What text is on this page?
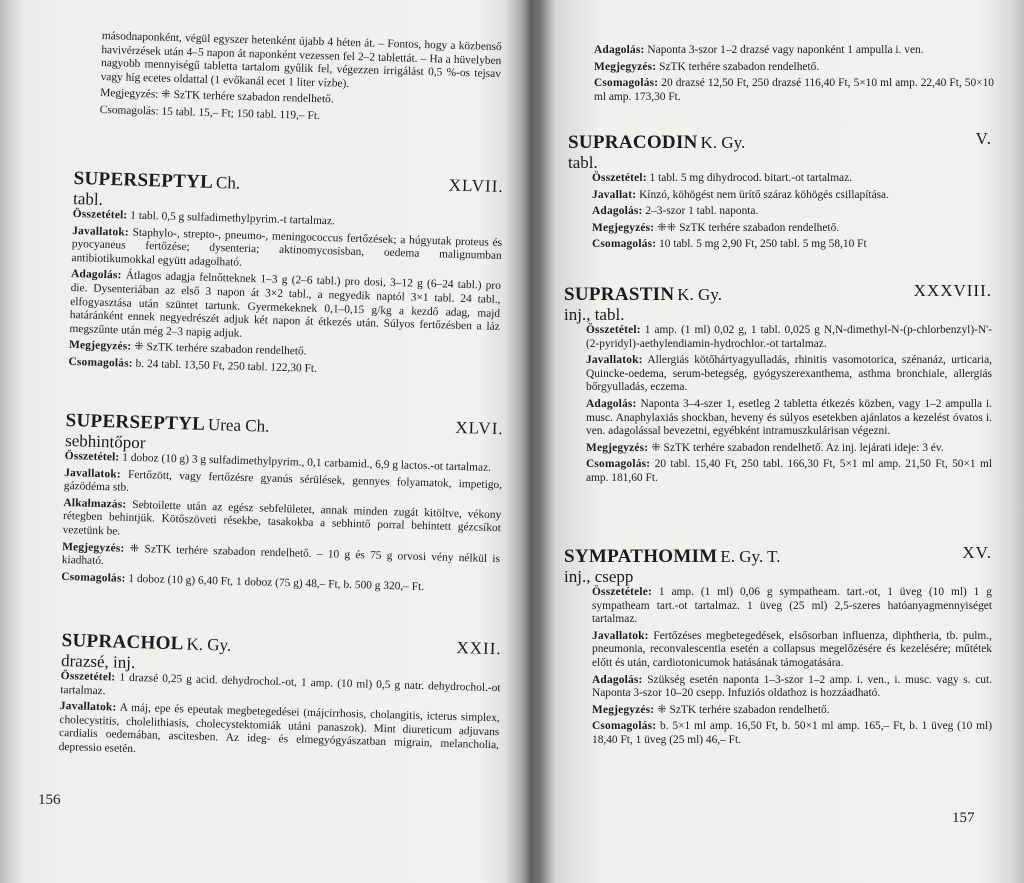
másodnaponként, végül egyszer hetenként újabb 4 héten át. – Fontos, hogy a közbenső havivérzések után 4–5 napon át naponként vezessen fel 2–2 tablettát. – Ha a hüvelyben nagyobb mennyiségű tabletta tartalom gyűlik fel, végezzen irrigálást 0,5 %-os tejsav vagy híg ecetes oldattal (1 evőkanál ecet 1 liter vízbe).

Megjegyzés: ⁜ SzTK terhére szabadon rendelhető.

Csomagolás: 15 tabl. 15,– Ft; 150 tabl. 119,– Ft.

SUPERSEPTYL Ch.	XLVII.

tabl.

Összetétel: 1 tabl. 0,5 g sulfadimethylpyrim.-t tartalmaz.

Javallatok: Staphylo-, strepto-, pneumo-, meningococcus fertőzések; a húgyutak proteus és pyocyaneus fertőzése; dysenteria; aktinomycosisban, oedema malignumban antibiotikumokkal együtt adagolható.

Adagolás: Átlagos adagja felnőtteknek 1–3 g (2–6 tabl.) pro dosi, 3–12 g (6–24 tabl.) pro die. Dysenteriában az első 3 napon át 3×2 tabl., a negyedik naptól 3×1 tabl. 24 tabl., elfogyasztása után szüntet tartunk. Gyermekeknek 0,1–0,15 g/kg a kezdő adag, majd határánként ennek negyedrészét adjuk két napon át étkezés után. Súlyos fertőzésben a láz megszűnte után még 2–3 napig adjuk.

Megjegyzés: ⁜ SzTK terhére szabadon rendelhető.

Csomagolás: b. 24 tabl. 13,50 Ft, 250 tabl. 122,30 Ft.

SUPERSEPTYL Urea Ch.	XLVI.

sebhintőpor

Összetétel: 1 doboz (10 g) 3 g sulfadimethylpyrim., 0,1 carbamid., 6,9 g lactos.-ot tartalmaz.

Javallatok: Fertőzött, vagy fertőzésre gyanús sérülések, gennyes folyamatok, impetigo, gázödéma stb.

Alkalmazás: Sebtoilette után az egész sebfelületet, annak minden zugát kitöltve, vékony rétegben behintjük. Kötőszöveti résekbe, tasakokba a sebhintő porral behintett gézcsíkot vezetünk be.

Megjegyzés: ⁜ SzTK terhére szabadon rendelhető. – 10 g és 75 g orvosi vény nélkül is kiadható.

Csomagolás: 1 doboz (10 g) 6,40 Ft, 1 doboz (75 g) 48,– Ft, b. 500 g 320,– Ft.

SUPRACHOL K. Gy.	XXII.

drazsé, inj.

Összetétel: 1 drazsé 0,25 g acid. dehydrochol.-ot, 1 amp. (10 ml) 0,5 g natr. dehydrochol.-ot tartalmaz.

Javallatok: A máj, epe és epeutak megbetegedései (májcirrhosis, cholangitis, icterus simplex, cholecystitis, cholelithiasis, cholecystektomiák utáni panaszok). Mint diureticum adjuvans cardialis oedemában, ascitesben. Az ideg- és elmegyógyászatban migrain, melancholia, depressio esetén.

156

Adagolás: Naponta 3-szor 1–2 drazsé vagy naponként 1 ampulla i. ven.

Megjegyzés: SzTK terhére szabadon rendelhető.

Csomagolás: 20 drazsé 12,50 Ft, 250 drazsé 116,40 Ft, 5×10 ml amp. 22,40 Ft, 50×10 ml amp. 173,30 Ft.

SUPRACODIN K. Gy.	V.

tabl.

Összetétel: 1 tabl. 5 mg dihydrocod. bitart.-ot tartalmaz.

Javallat: Kínzó, köhögést nem ürítő száraz köhögés csillapítása.

Adagolás: 2–3-szor 1 tabl. naponta.

Megjegyzés: ⁜⁜ SzTK terhére szabadon rendelhető.

Csomagolás: 10 tabl. 5 mg 2,90 Ft, 250 tabl. 5 mg 58,10 Ft

SUPRASTIN K. Gy.	XXXVIII.

inj., tabl.

Összetétel: 1 amp. (1 ml) 0,02 g, 1 tabl. 0,025 g N,N-dimethyl-N-(p-chlorbenzyl)-N'-(2-pyridyl)-aethylendiamin-hydrochlor.-ot tartalmaz.

Javallatok: Allergiás kötőhártyagyulladás, rhinitis vasomotorica, szénanáz, urticaria, Quincke-oedema, serum-betegség, gyógyszerexanthema, asthma bronchiale, allergiás bőrgyulladás, eczema.

Adagolás: Naponta 3–4-szer 1, esetleg 2 tabletta étkezés közben, vagy 1–2 ampulla i. musc. Anaphylaxiás shockban, heveny és súlyos esetekben ajánlatos a kezelést óvatos i. ven. adagolással bevezetni, egyébként intramuszkulárisan végezni.

Megjegyzés: ⁜ SzTK terhére szabadon rendelhető. Az inj. lejárati ideje: 3 év.

Csomagolás: 20 tabl. 15,40 Ft, 250 tabl. 166,30 Ft, 5×1 ml amp. 21,50 Ft, 50×1 ml amp. 181,60 Ft.

SYMPATHOMIM E. Gy. T.	XV.

inj., csepp

Összetétele: 1 amp. (1 ml) 0,06 g sympatheam. tart.-ot, 1 üveg (10 ml) 1 g sympatheam tart.-ot tartalmaz. 1 üveg (25 ml) 2,5-szeres hatóanyagmennyiséget tartalmaz.

Javallatok: Fertőzéses megbetegedések, elsősorban influenza, diphtheria, tb. pulm., pneumonia, reconvalescentia esetén a collapsus megelőzésére és kezelésére; műtétek előtt és után, cardiotonicumok hatásának támogatására.

Adagolás: Szükség esetén naponta 1–3-szor 1–2 amp. i. ven., i. musc. vagy s. cut. Naponta 3-szor 10–20 csepp. Infuziós oldathoz is hozzáadható.

Megjegyzés: ⁜ SzTK terhére szabadon rendelhető.

Csomagolás: b. 5×1 ml amp. 16,50 Ft, b. 50×1 ml amp. 165,– Ft, b. 1 üveg (10 ml) 18,40 Ft, 1 üveg (25 ml) 46,– Ft.

157
